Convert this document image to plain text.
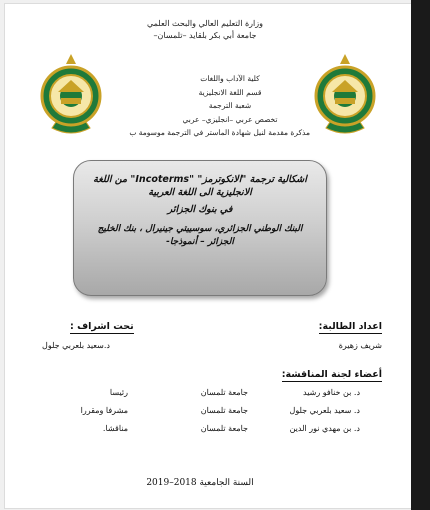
وزارة التعليم العالي والبحث العلمي
جامعة أبي بكر بلقايد –تلمسان–
كلية الآداب واللغات
قسم اللغة الانجليزية
شعبة الترجمة
تخصص عربي –انجليزي– عربي
مذكرة مقدمة لنيل شهادة الماستر في الترجمة موسومة ب
اشكالية ترجمة "الانكوترمز" "Incoterms" من اللغة الانجليزية الى اللغة العربية
في بنوك الجزائر
البنك الوطني الجزائري، سوسييتي جينيرال ، بنك الخليج الجزائر – أنموذجا-
اعداد الطالبة:
شريف زهيرة
تحت اشراف :
د.سعيد بلعربي جلول
أعضاء لجنة المناقشة:
د. بن خنافو رشيد
جامعة تلمسان
رئيسا
د. سعيد بلعربي جلول
جامعة تلمسان
مشرفا ومقررا
د. بن مهدي نور الدين
جامعة تلمسان
مناقشا.
السنة الجامعية 2018–2019
